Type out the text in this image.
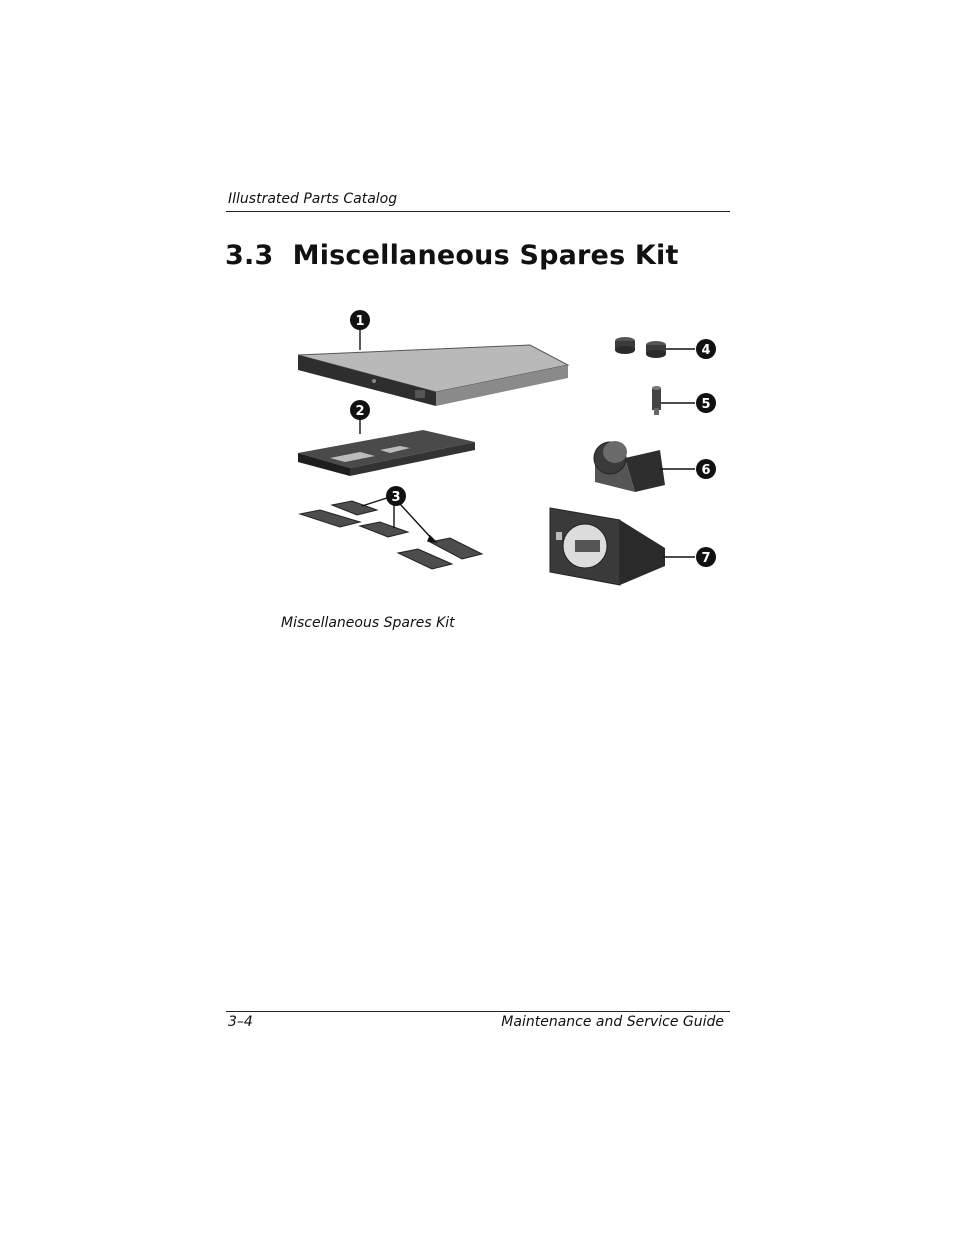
Illustrated Parts Catalog
3.3  Miscellaneous Spares Kit
1
2
3
4
5
6
7
Miscellaneous Spares Kit
3–4	Maintenance and Service Guide
